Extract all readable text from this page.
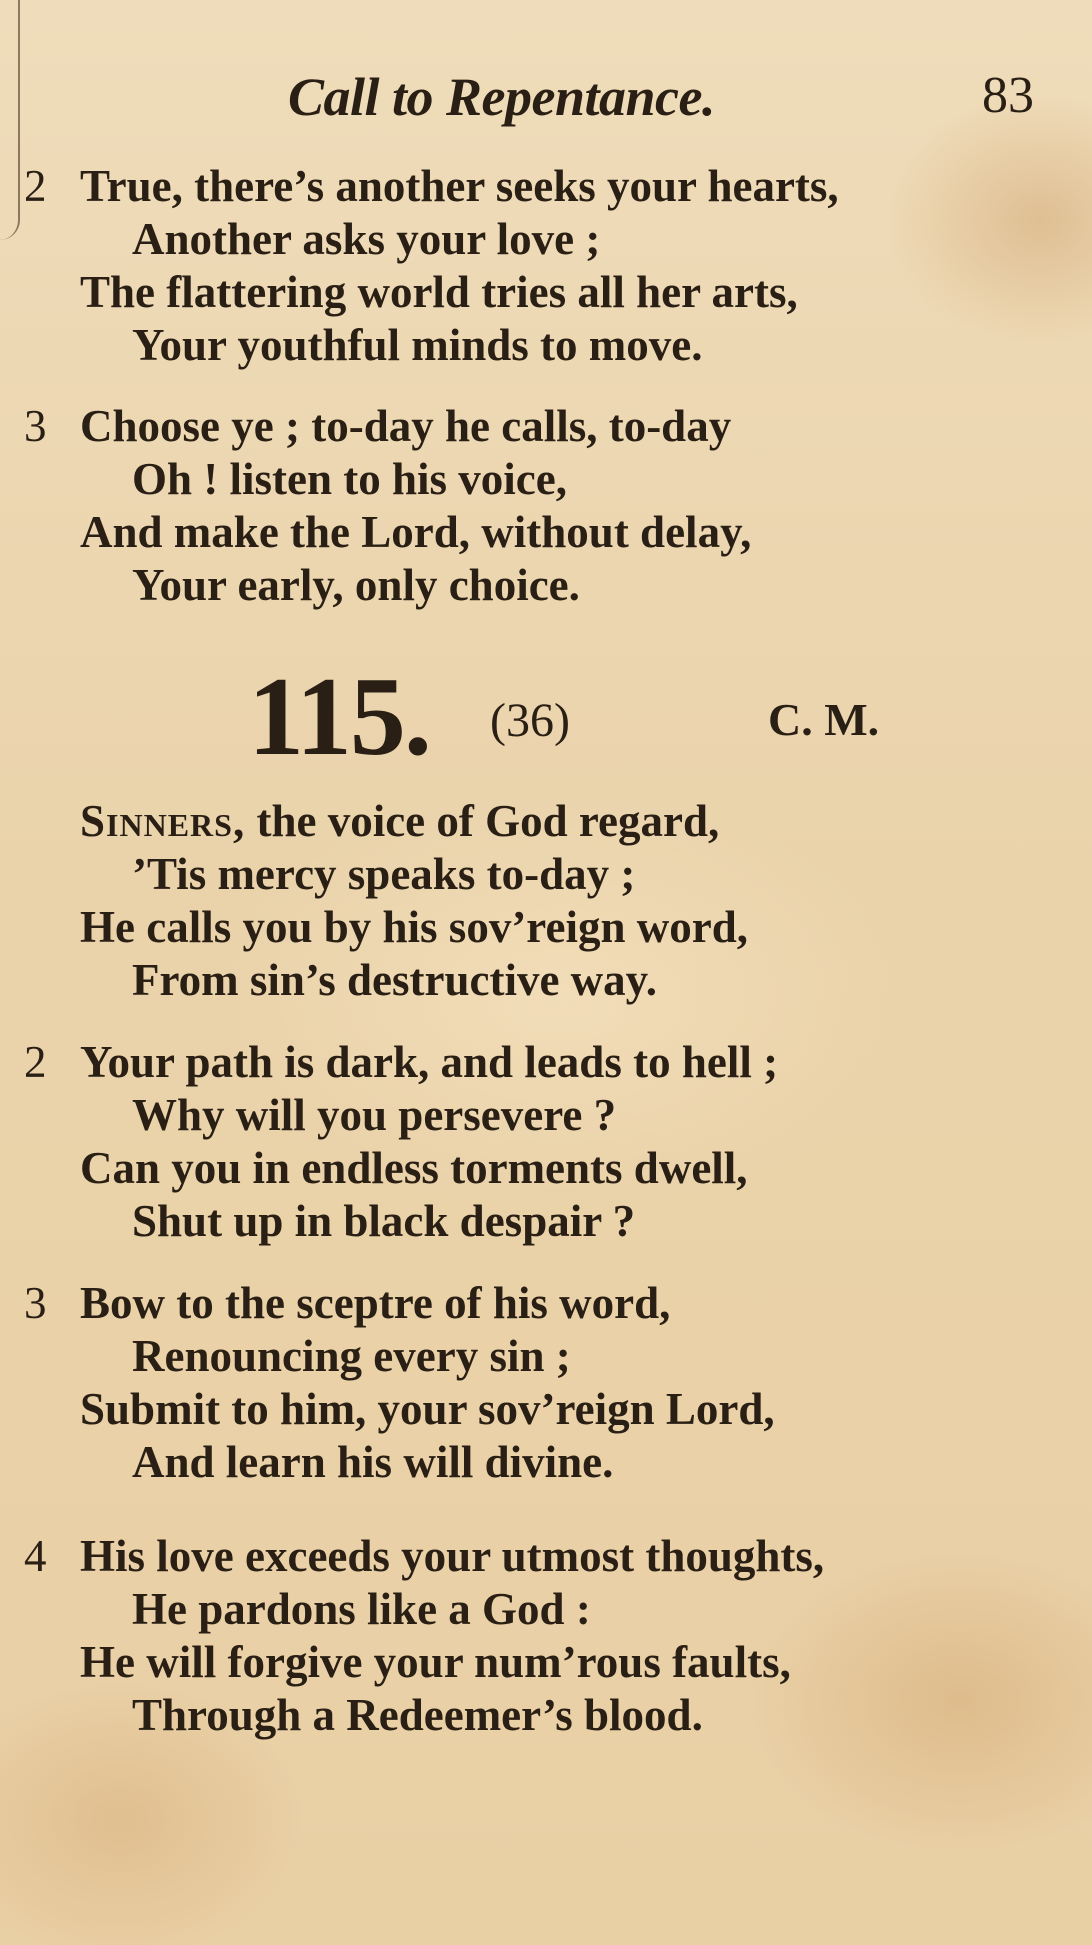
Call to Repentance.	83
2 True, there’s another seeks your hearts,
Another asks your love ;
The flattering world tries all her arts,
Your youthful minds to move.
3 Choose ye ; to-day he calls, to-day
Oh ! listen to his voice,
And make the Lord, without delay,
Your early, only choice.
115. (36)	C. M.
Sinners, the voice of God regard,
’Tis mercy speaks to-day ;
He calls you by his sov’reign word,
From sin’s destructive way.
2 Your path is dark, and leads to hell ;
Why will you persevere ?
Can you in endless torments dwell,
Shut up in black despair ?
3 Bow to the sceptre of his word,
Renouncing every sin ;
Submit to him, your sov’reign Lord,
And learn his will divine.
4 His love exceeds your utmost thoughts,
He pardons like a God :
He will forgive your num’rous faults,
Through a Redeemer’s blood.
